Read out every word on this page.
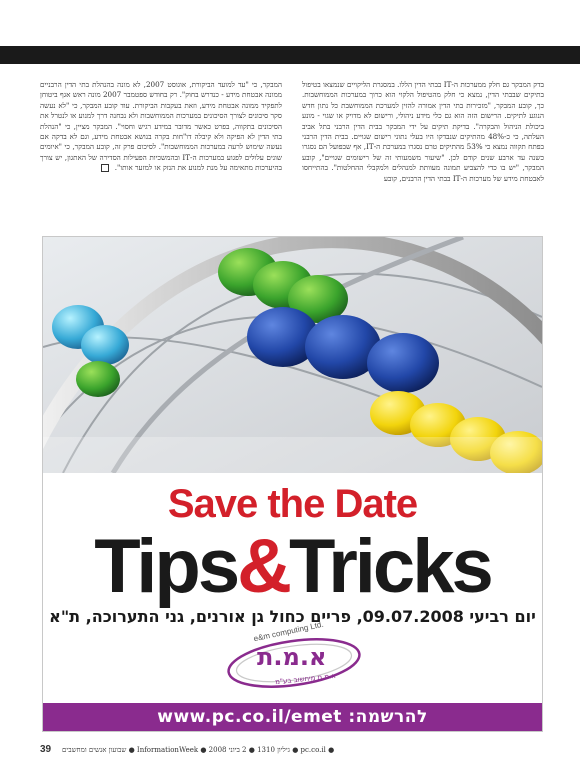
בדק המבקר גם חלק ממערכות ה-IT בבתי הדין הללו. במסגרת הליקויים שנמצאו בטיפול בתיקים שבבתי הדין, נמצא כי חלק מהטיפול הלקוי הוא כרוך במערכות הממוחשבות. כך, קובע המבקר, "מזכירות בתי הדין אמורה להזין למערכת הממוחשבת כל נתון חדש הנוגע לתיקים. הרישום הזה הוא גם כלי מידע ניהולי, ורישום לא מדויק או שגוי - מונע ביכולת הניהול והבקרה". בדיקת תיקים על ידי המבקר בבית הדין הרבני בתל אביב העלתה, כי כ-48% מהתיקים שנבדקו היו בעלי נתוני רישום שגויים. בבית הדין הרבני בפתח תקווה נמצא כי 53% מהתיקים טרם נסגרו במערכת ה-IT, אף שבפועל הם נסגרו כשנה עד ארבע שנים קודם לכן. "שיעור משמעותי זה של רישומים שגויים", קובע המבקר, "יש בו כדי להצביע תמונה מעוותת למנהלים ולמקבלי ההחלטות". בהתייחסו לאבטחת מידע של מערכות ה-IT בבתי הדין הרבנים, קובע
המבקר, כי "עד למועד הביקורת, אוגוסט 2007, לא מונה בהנהלת בתי הדין הרבניים ממונה אבטחת מידע - כנדרש בחוק". רק בחודש ספטמבר 2007 מונה ראש אגף ביטוחן לתפקיד ממונה אבטחת מידע, וזאת בעקבות הביקורת. עוד קובע המבקר, כי "לא נעשה סקר סיכונים לצורך הסיכונים במערכות הממוחשבות ולא נבחנה דרך למנוע או לנטרל את הסיכונים בתקווה, בפרט כאשר מדובר במידע רגיש וחסוי". המבקר מציין, כי "הנהלת בתי הדין לא הפיקה ולא קיבלה דו"חות בקרה בנושא אבטחת מידע, וגם לא בדקה אם נעשה שימוש לרעה במערכות הממוחשבות". לסיכום פרק זה, קובע המבקר, כי "איומים שונים עלולים לפגוע במערכות ה-IT ובהמשכיות הפעילות הסדירה של האתגון, יש צורך בהיערכות מתאימה על מנת למנוע את הנזק או למזער אותו".
Save the Date
Tips&Tricks
יום רביעי 09.07.2008, פריים כחול גן אורנים, גני התערוכה, ת"א
e&m computing Ltd.
א.מ.ת
א.מ.ת מיחשוב בע"מ
www.pc.co.il/emet :להרשמה
39 שבועון אנשים ומחשבים ● InformationWeek ● גיליון 1310 ● 2 ביוני 2008 ● pc.co.il ●
